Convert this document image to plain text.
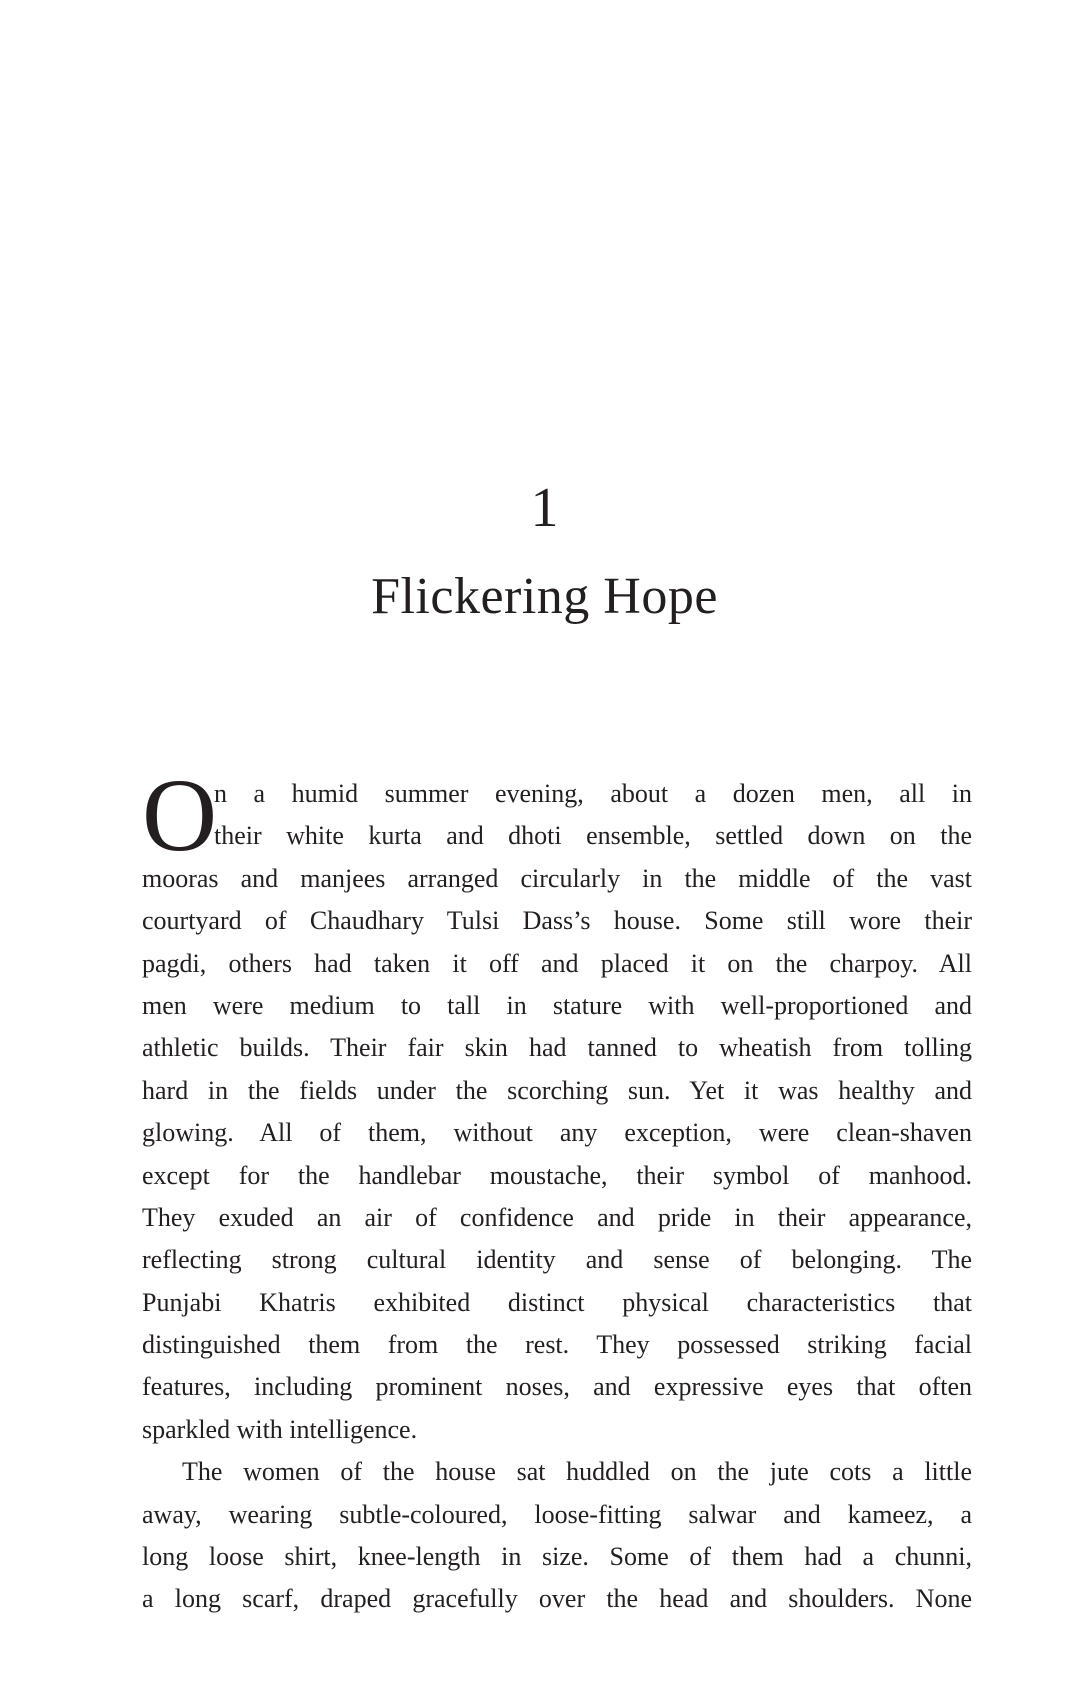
1
Flickering Hope
O
n a humid summer evening, about a dozen men, all in
their white kurta and dhoti ensemble, settled down on the
mooras and manjees arranged circularly in the middle of the vast
courtyard of Chaudhary Tulsi Dass’s house. Some still wore their
pagdi, others had taken it off and placed it on the charpoy. All
men were medium to tall in stature with well-proportioned and
athletic builds. Their fair skin had tanned to wheatish from tolling
hard in the fields under the scorching sun. Yet it was healthy and
glowing. All of them, without any exception, were clean-shaven
except for the handlebar moustache, their symbol of manhood.
They exuded an air of confidence and pride in their appearance,
reflecting strong cultural identity and sense of belonging. The
Punjabi Khatris exhibited distinct physical characteristics that
distinguished them from the rest. They possessed striking facial
features, including prominent noses, and expressive eyes that often
sparkled with intelligence.
The women of the house sat huddled on the jute cots a little
away, wearing subtle-coloured, loose-fitting salwar and kameez, a
long loose shirt, knee-length in size. Some of them had a chunni,
a long scarf, draped gracefully over the head and shoulders. None
